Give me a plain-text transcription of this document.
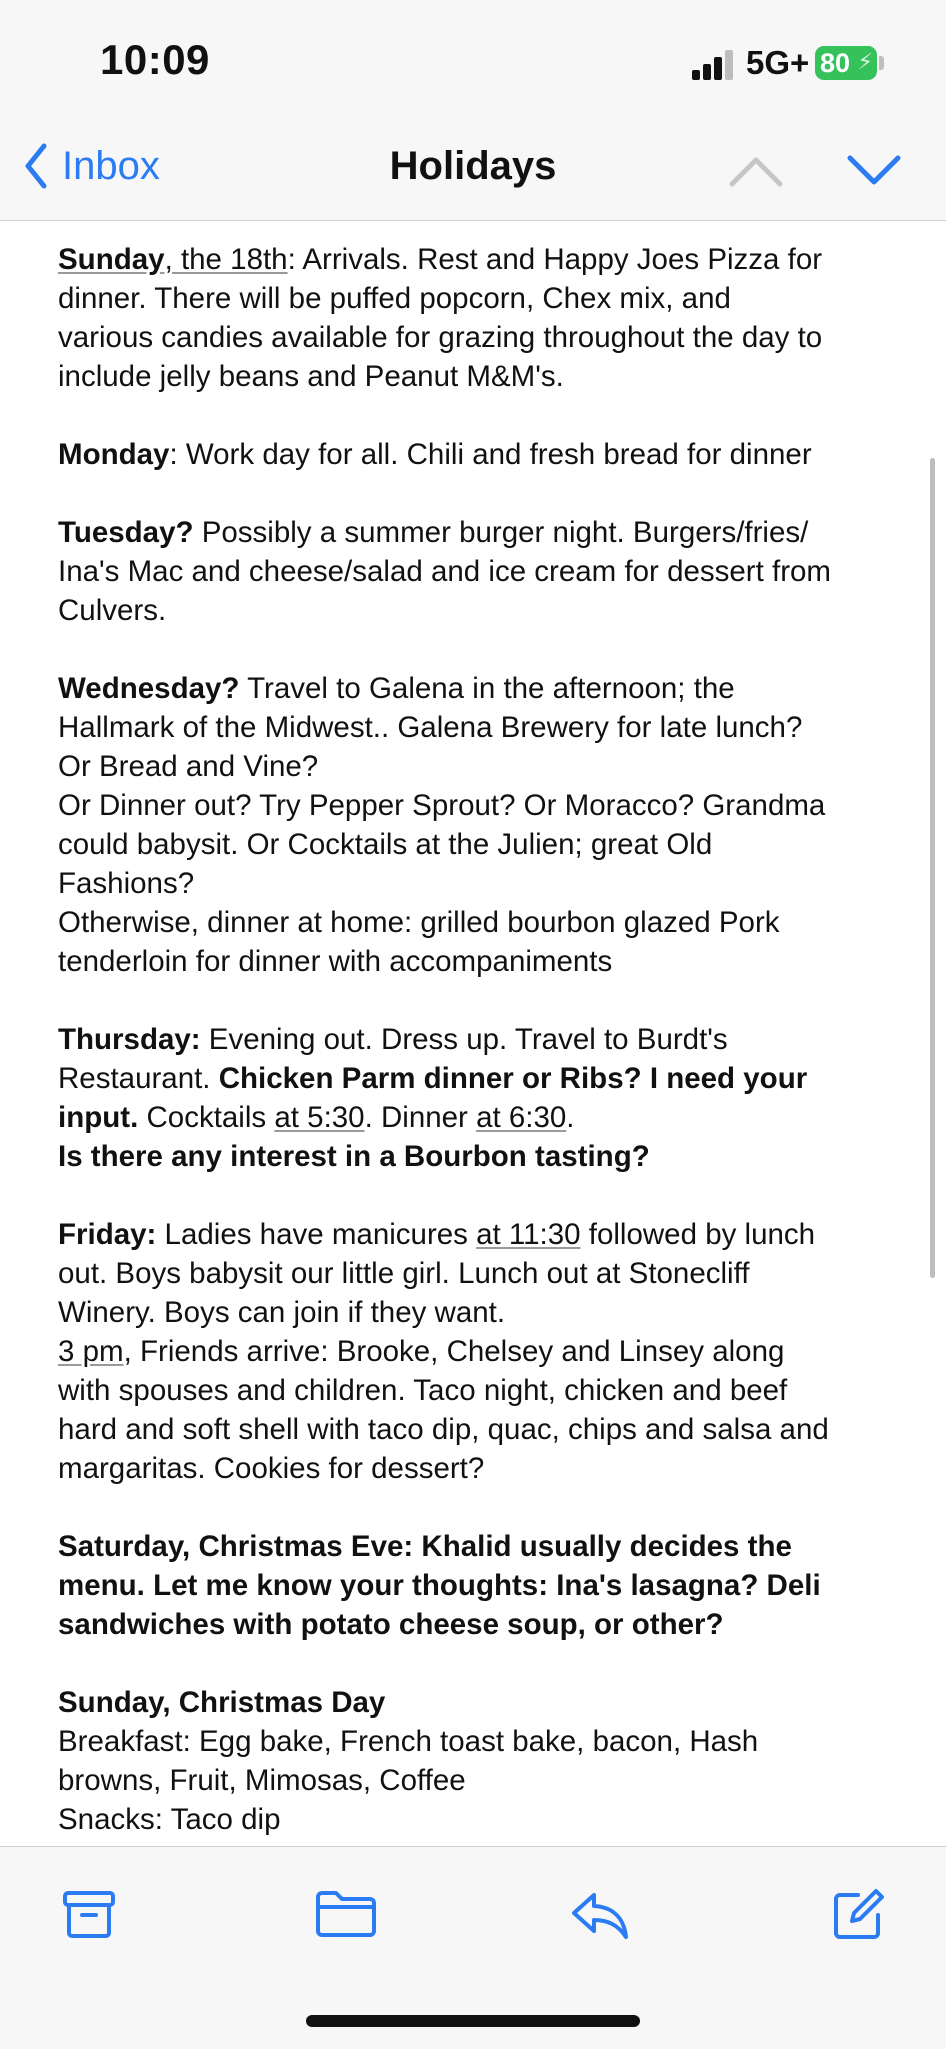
10:09	5G+ 80 ⚡
Inbox	Holidays
Sunday, the 18th: Arrivals. Rest and Happy Joes Pizza for
dinner. There will be puffed popcorn, Chex mix, and
various candies available for grazing throughout the day to
include jelly beans and Peanut M&M's.
Monday: Work day for all. Chili and fresh bread for dinner
Tuesday? Possibly a summer burger night. Burgers/fries/
Ina's Mac and cheese/salad and ice cream for dessert from
Culvers.
Wednesday? Travel to Galena in the afternoon; the
Hallmark of the Midwest.. Galena Brewery for late lunch?
Or Bread and Vine?
Or Dinner out? Try Pepper Sprout? Or Moracco? Grandma
could babysit. Or Cocktails at the Julien; great Old
Fashions?
Otherwise, dinner at home: grilled bourbon glazed Pork
tenderloin for dinner with accompaniments
Thursday: Evening out. Dress up. Travel to Burdt's
Restaurant. Chicken Parm dinner or Ribs? I need your
input. Cocktails at 5:30. Dinner at 6:30.
Is there any interest in a Bourbon tasting?
Friday: Ladies have manicures at 11:30 followed by lunch
out. Boys babysit our little girl. Lunch out at Stonecliff
Winery. Boys can join if they want.
3 pm, Friends arrive: Brooke, Chelsey and Linsey along
with spouses and children. Taco night, chicken and beef
hard and soft shell with taco dip, quac, chips and salsa and
margaritas. Cookies for dessert?
Saturday, Christmas Eve: Khalid usually decides the
menu. Let me know your thoughts: Ina's lasagna? Deli
sandwiches with potato cheese soup, or other?
Sunday, Christmas Day
Breakfast: Egg bake, French toast bake, bacon, Hash
browns, Fruit, Mimosas, Coffee
Snacks: Taco dip
